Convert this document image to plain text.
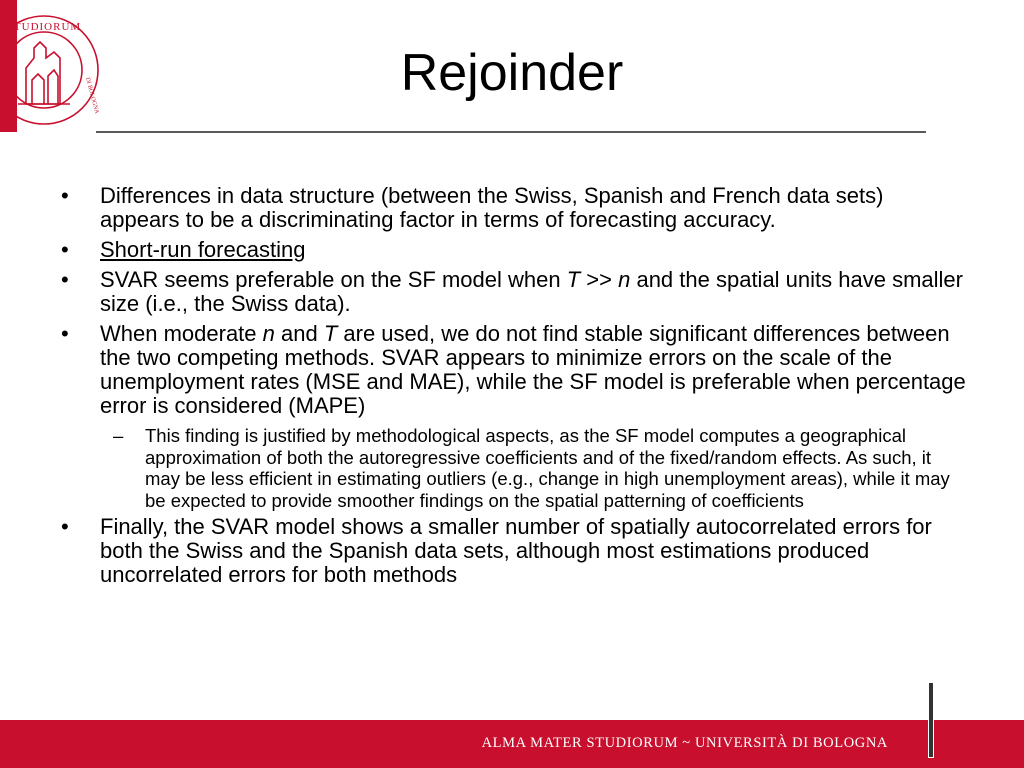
STUDIORUM
DI BOLOGNA	Rejoinder
• Differences in data structure (between the Swiss, Spanish and French data sets) appears to be a discriminating factor in terms of forecasting accuracy.
• Short-run forecasting
• SVAR seems preferable on the SF model when T >> n and the spatial units have smaller size (i.e., the Swiss data).
• When moderate n and T are used, we do not find stable significant differences between the two competing methods. SVAR appears to minimize errors on the scale of the unemployment rates (MSE and MAE), while the SF model is preferable when percentage error is considered (MAPE)
– This finding is justified by methodological aspects, as the SF model computes a geographical approximation of both the autoregressive coefficients and of the fixed/random effects. As such, it may be less efficient in estimating outliers (e.g., change in high unemployment areas), while it may be expected to provide smoother findings on the spatial patterning of coefficients
• Finally, the SVAR model shows a smaller number of spatially autocorrelated errors for both the Swiss and the Spanish data sets, although most estimations produced uncorrelated errors for both methods
ALMA MATER STUDIORUM ~ UNIVERSITÀ DI BOLOGNA
